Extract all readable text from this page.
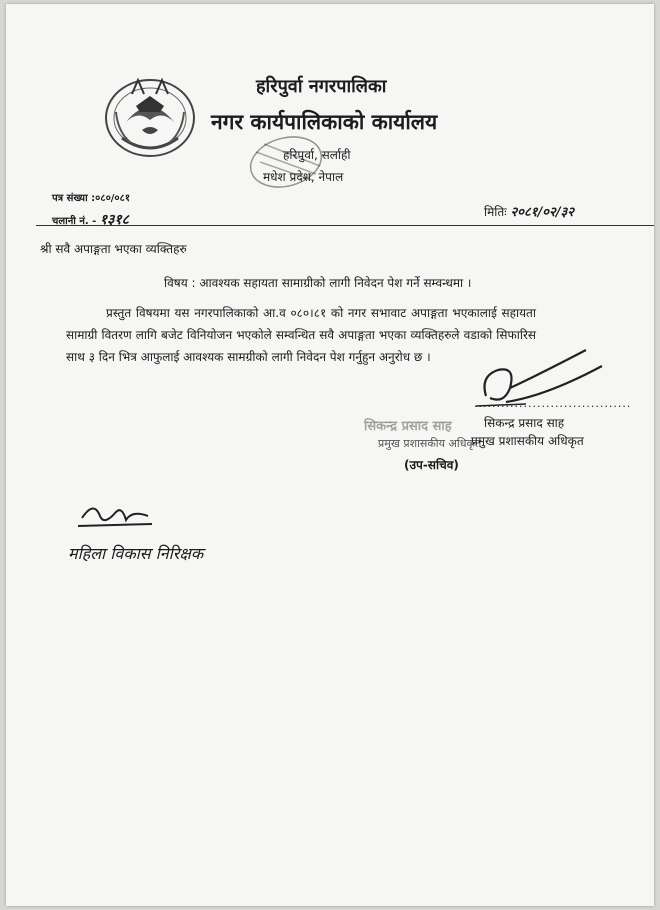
हरिपुर्वा नगरपालिका
नगर कार्यपालिकाको कार्यालय
हरिपुर्वा, सर्लाही
मधेश प्रदेश, नेपाल
पत्र संख्या :०८०/०८१
चलानी नं. - १३१८	मितिः २०८१/०२/३२
श्री सवै अपाङ्गता भएका व्यक्तिहरु
विषय : आवश्यक सहायता सामाग्रीको लागी निवेदन पेश गर्ने सम्वन्धमा ।
प्रस्तुत विषयमा यस नगरपालिकाको आ.व ०८०।८१ को नगर सभावाट अपाङ्गता भएकालाई सहायता सामाग्री वितरण लागि बजेट विनियोजन भएकोले सम्वन्धित सवै अपाङ्गता भएका व्यक्तिहरुले वडाको सिफारिस साथ ३ दिन भित्र आफुलाई आवश्यक सामग्रीको लागी निवेदन पेश गर्नुहुन अनुरोध छ ।
...................................
सिकन्द्र प्रसाद साह	सिकन्द्र प्रसाद साह
प्रमुख प्रशासकीय अधिकृत
प्रमुख प्रशासकीय अधिकृत
(उप-सचिव)
महिला विकास निरिक्षक
